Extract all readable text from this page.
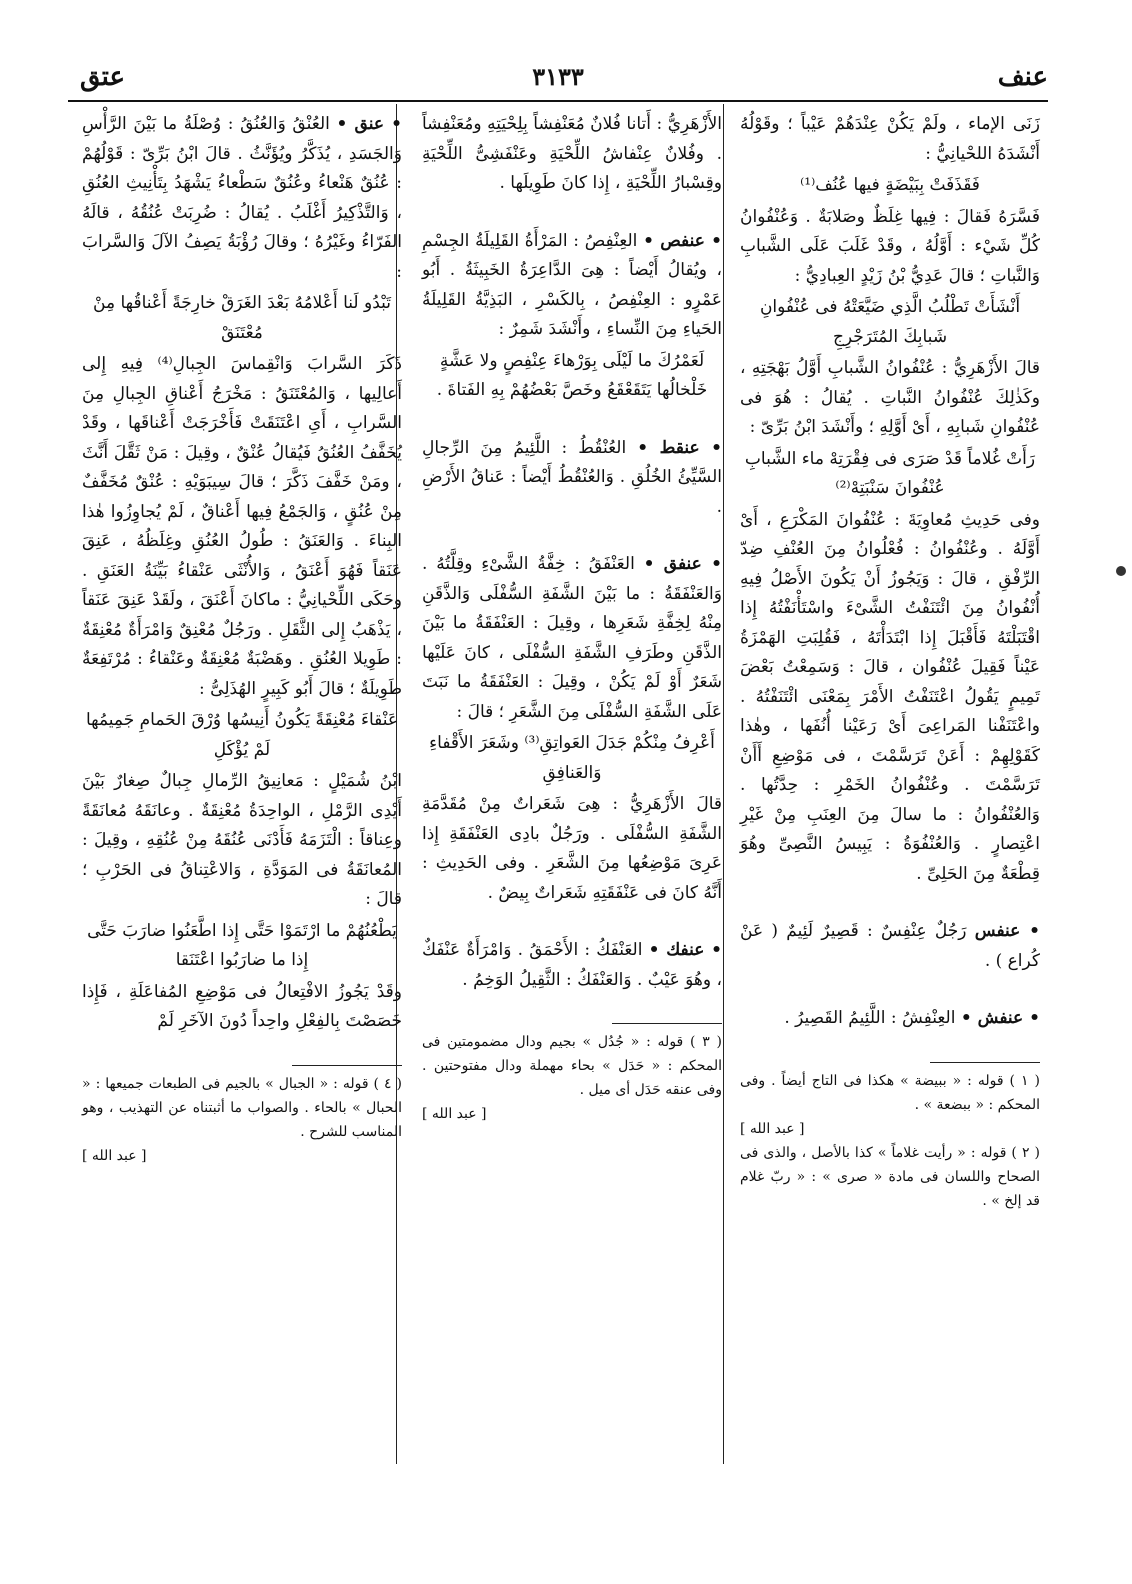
عنف
٣١٣٣
عتق

زَنَى الإماء ، ولَمْ يَكُنْ عِنْدَهُمْ عَيْباً ؛ وقَوْلُهُ أَنْشَدَهُ اللحْيانِيُّ :

فَقَذَفَتْ بِبَيْضَةٍ فيها عُنُف⁽¹⁾

فَسَّرَهُ فَقالَ : فِيها غِلَظٌ وصَلابَةٌ . وَعُنْفُوانُ كُلِّ شَيْء : أَوَّلُهُ ، وقَدْ غَلَبَ عَلَى الشَّبابِ وَالنَّباتِ ؛ قالَ عَدِيُّ بْنُ زَيْدٍ العِبادِيُّ :

أَنْشَأَتْ تَطْلُبُ الَّذِي ضَيَّعَتْهُ فى عُنْفُوانِ شَبابِكَ المُتَرَجْرِجِ

قالَ الأَزْهَرِيُّ : عُنْفُوانُ الشَّبابِ أَوَّلُ بَهْجَتِهِ ، وكَذٰلِكَ عُنْفُوانُ النَّباتِ . يُقالُ : هُوَ فى عُنْفُوانِ شَبابِهِ ، أَىْ أَوَّلِهِ ؛ وأَنْشَدَ ابْنُ بَرِّىّ :

رَأَتْ غُلاماً قَدْ صَرَى فى فِقْرَتِهْ ماء الشَّبابِ عُنْفُوانَ سَنْبَتِهْ⁽²⁾

وفى حَدِيثِ مُعاوِيَةَ : عُنْفُوانَ المَكْرَعِ ، أَىْ أَوَّلَهُ . وعُنْفُوانُ : فُعْلُوانُ مِنَ العُنْفِ ضِدّ الرِّفْقِ ، قالَ : وَيَجُوزُ أَنْ يَكُونَ الأَصْلُ فِيهِ أُنْفُوانُ مِنَ ائْتَنَفْتُ الشَّىْءَ واسْتَأْنَفْتُهُ إِذا اقْتَبَلْتَهُ فَأَقْبَلَ إِذا ابْتَدَأْتَهُ ، فَقُلِبَتِ الهَمْزَةُ عَيْناً فَقِيلَ عُنْفُوان ، قالَ : وَسَمِعْتُ بَعْضَ تَمِيمٍ يَقُولُ اعْتَنَفْتُ الأَمْرَ بِمَعْنَى ائْتَنَفْتُهُ . واعْتَنَفْنا المَراعِىَ أَىْ رَعَيْنا أُنُفَها ، وهٰذا كَقَوْلِهِمْ : أَعَنْ تَرَسَّمْتَ ، فى مَوْضِعِ أَأَنْ تَرَسَّمْتَ . وعُنْفُوانُ الخَمْرِ : حِدَّتُها . وَالعُنْفُوانُ : ما سالَ مِنَ العِنَبِ مِنْ غَيْرِ اعْتِصارٍ . وَالعُنْفُوَةُ : يَبِيسُ النَّصِىِّ وهُوَ قِطْعَةٌ مِنَ الحَلِىِّ .

• عنفس رَجُلٌ عِنْفِسٌ : قَصِيرٌ لَئِيمٌ ( عَنْ كُراع ) .

• عنفش • العِنْفِشُ : اللَّئِيمُ القَصِيرُ .

( ١ ) قوله : « ببيضة » هكذا فى التاج أيضاً . وفى المحكم : « ببضعة » .
[ عبد الله ]
( ٢ ) قوله : « رأيت غلاماً » كذا بالأصل ، والذى فى الصحاح واللسان فى مادة « صرى » : « ربّ غلام قد إلخ » .

الأَزْهَرِيُّ : أَتانا فُلانٌ مُعَنْفِشاً بِلِحْيَتِهِ ومُعَنْفِشاً . وفُلانٌ عِنْفاشُ اللِّحْيَةِ وعَنْفَشِىُّ اللِّحْيَةِ وقِسْبارُ اللِّحْيَةِ ، إِذا كانَ طَوِيلَها .

• عنفص • العِنْفِصُ : المَرْأَةُ القَلِيلَةُ الجِسْمِ ، ويُقالُ أَيْضاً : هِىَ الدَّاعِرَةُ الخَبِيثَةُ . أَبُو عَمْرٍو : العِنْفِصُ ، بِالكَسْرِ ، البَذِيَّةُ القَلِيلَةُ الحَياءِ مِنَ النِّساءِ ، وأَنْشَدَ شَمِرٌ :

لَعَمْرُكَ ما لَيْلَى بِوَرْهاءَ عِنْفِصٍ ولا عَشَّةٍ خَلْخالُها يَتَقَعْقَعُ وخَصَّ بَعْضُهُمْ بِهِ الفَتاةَ .

• عنقط • العُنْقُطُ : اللَّئِيمُ مِنَ الرِّجالِ السَّيِّئُ الخُلُقِ . وَالعُنْقُطُ أَيْضاً : عَناقُ الأَرْضِ .

• عنفق • العَنْفَقُ : خِفَّةُ الشَّىْءِ وقِلَّتُهُ . وَالعَنْفَقَةُ : ما بَيْنَ الشَّفَةِ السُّفْلَى وَالذَّقَنِ مِنْهُ لِخِفَّةِ شَعَرِها ، وقِيلَ : العَنْفَقَةُ ما بَيْنَ الذَّقَنِ وطَرَفِ الشَّفَةِ السُّفْلَى ، كانَ عَلَيْها شَعَرٌ أَوْ لَمْ يَكُنْ ، وقِيلَ : العَنْفَقَةُ ما نَبَتَ عَلَى الشَّفَةِ السُّفْلَى مِنَ الشَّعَرِ ؛ قالَ :

أَعْرِفُ مِنْكُمْ جَدَلَ العَواتِقِ⁽³⁾ وشَعَرَ الأَقْفاءِ وَالعَنافِقِ

قالَ الأَزْهَرِيُّ : هِىَ شَعَراتٌ مِنْ مُقَدَّمَةِ الشَّفَةِ السُّفْلَى . ورَجُلٌ بادِى العَنْفَقَةِ إِذا عَرِىَ مَوْضِعُها مِنَ الشَّعَرِ . وفى الحَدِيثِ : أَنَّهُ كانَ فى عَنْفَقَتِهِ شَعَراتٌ بِيضٌ .

• عنفك • العَنْفَكُ : الأَحْمَقُ . وَامْرَأَةٌ عَنْفَكٌ ، وهُوَ عَيْبٌ . وَالعَنْفَكُ : الثَّقِيلُ الوَخِمُ .

( ٣ ) قوله : « جُدُل » بجيم ودال مضمومتين فى المحكم : « حَدَل » بحاء مهملة ودال مفتوحتين . وفى عنقه حَدَل أى ميل .
[ عبد الله ]

• عنق • العُنْقُ وَالعُنُقُ : وُصْلَةُ ما بَيْنَ الرَّأْسِ وَالجَسَدِ ، يُذَكَّرُ ويُؤَنَّثُ . قالَ ابْنُ بَرِّىّ : قَوْلُهُمْ : عُنُقٌ هَنْعاءُ وعُنُقٌ سَطْعاءُ يَشْهَدُ بِتَأْنِيثِ العُنُقِ ، وَالتَّذْكِيرُ أَغْلَبُ . يُقالُ : ضُرِبَتْ عُنُقُهُ ، قالَهُ الفَرّاءُ وغَيْرُهُ ؛ وقالَ رُؤْبَةُ يَصِفُ الآلَ وَالسَّرابَ :

تَبْدُو لَنا أَعْلامُهُ بَعْدَ الغَرَقْ خارِجَةً أَعْناقُها مِنْ مُعْتَنَقْ

ذَكَرَ السَّرابَ وَانْقِماسَ الجِبالِ⁽⁴⁾ فِيهِ إِلى أَعالِيها ، وَالمُعْتَنَقُ : مَخْرَجُ أَعْناقِ الجِبالِ مِنَ السَّرابِ ، أَىِ اعْتَنَقَتْ فَأَخْرَجَتْ أَعْناقَها ، وقَدْ يُخَفَّفُ العُنُقُ فَيُقالُ عُنْقٌ ، وقِيلَ : مَنْ ثَقَّلَ أَنَّثَ ، ومَنْ خَفَّفَ ذَكَّرَ ؛ قالَ سِيبَوَيْهِ : عُنْقٌ مُخَفَّفٌ مِنْ عُنُقٍ ، وَالجَمْعُ فِيها أَعْناقٌ ، لَمْ يُجاوِزُوا هٰذا البِناءَ . وَالعَنَقُ : طُولُ العُنُقِ وغِلَظُهُ ، عَنِقَ عَنَقاً فَهُوَ أَعْنَقُ ، وَالأُنْثَى عَنْقاءُ بَيِّنَةُ العَنَقِ . وحَكَى اللِّحْيانِيُّ : ماكانَ أَعْنَقَ ، ولَقَدْ عَنِقَ عَنَقاً ، يَذْهَبُ إِلى الثَّقَلِ . ورَجُلٌ مُعْنِقٌ وَامْرَأَةٌ مُعْنِقَةٌ : طَوِيلا العُنُقِ . وهَضْبَةٌ مُعْنِقَةٌ وعَنْقاءُ : مُرْتَفِعَةٌ طَوِيلَةٌ ؛ قالَ أَبُو كَبِيرٍ الهُذَلِىُّ :

عَنْقاءَ مُعْنِقَةً يَكُونُ أَنِيسُها وُرْقَ الحَمامِ جَمِيمُها لَمْ يُؤْكَلِ

ابْنُ شُمَيْلٍ : مَعانِيقُ الرِّمالِ جِبالٌ صِغارٌ بَيْنَ أَيْدِى الرَّمْلِ ، الواحِدَةُ مُعْنِقَةٌ . وعانَقَهُ مُعانَقَةً وعِناقاً : الْتَزَمَهُ فَأَدْنَى عُنُقَهُ مِنْ عُنُقِهِ ، وقِيلَ : المُعانَقَةُ فى المَوَدَّةِ ، وَالاعْتِناقُ فى الحَرْبِ ؛ قالَ :

يَطْعُنُهُمْ ما ارْتَمَوْا حَتَّى إِذا اطَّعَنُوا ضارَبَ حَتَّى إِذا ما ضارَبُوا اعْتَنَقا

وقَدْ يَجُوزُ الافْتِعالُ فى مَوْضِعِ المُفاعَلَةِ ، فَإِذا خَصَصْتَ بِالفِعْلِ واحِداً دُونَ الآخَرِ لَمْ

( ٤ ) قوله : « الجبال » بالجيم فى الطبعات جميعها : « الحبال » بالحاء . والصواب ما أثبتناه عن التهذيب ، وهو المناسب للشرح .
[ عبد الله ]
